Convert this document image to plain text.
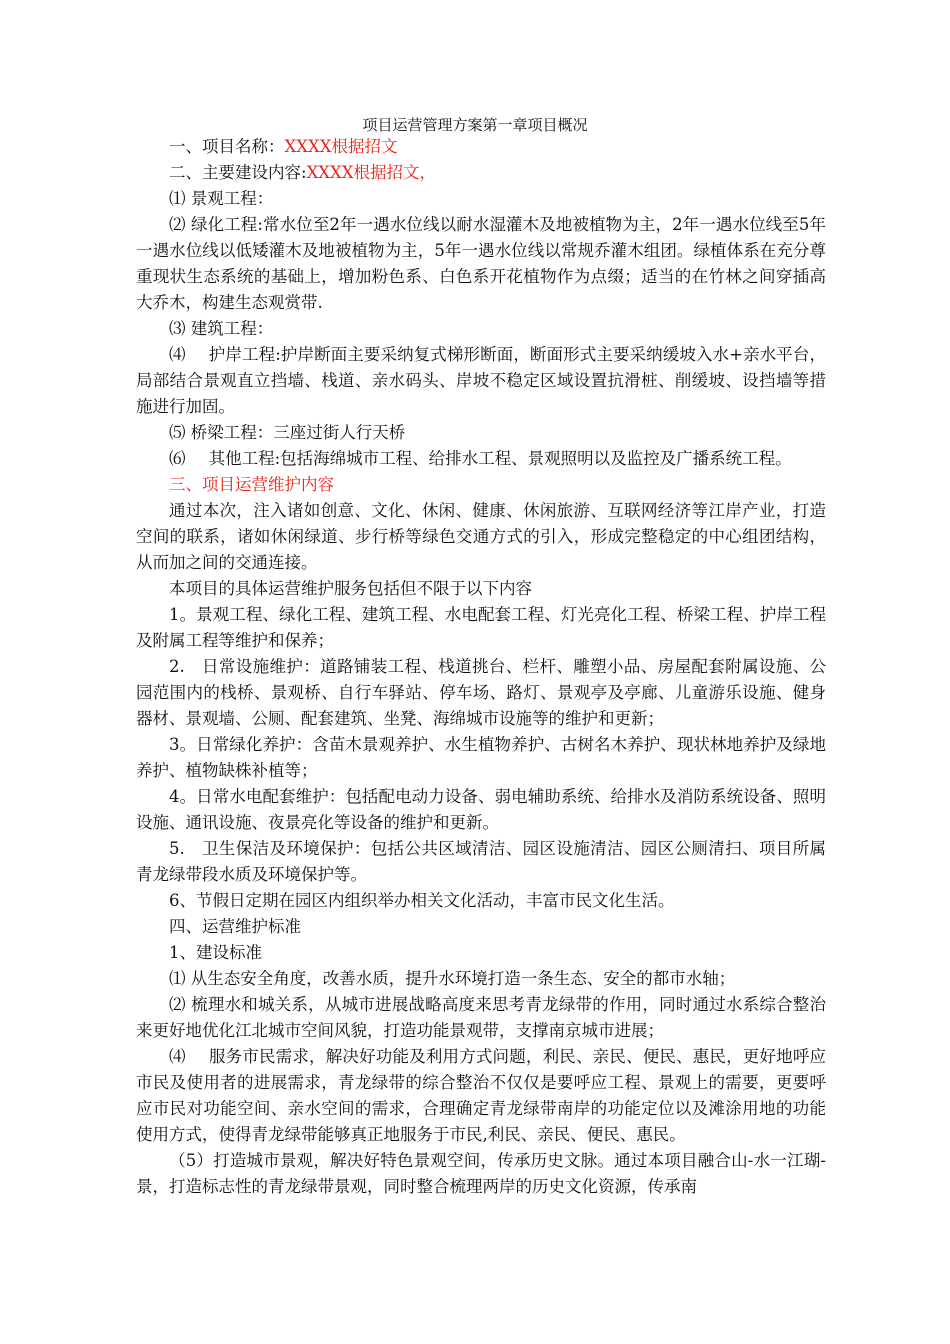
项目运营管理方案第一章项目概况

一、项目名称：XXXX根据招文

二、主要建设内容:XXXX根据招文，

⑴ 景观工程：

⑵ 绿化工程:常水位至2年一遇水位线以耐水湿灌木及地被植物为主，2年一遇水位线至5年一遇水位线以低矮灌木及地被植物为主，5年一遇水位线以常规乔灌木组团。绿植体系在充分尊重现状生态系统的基础上，增加粉色系、白色系开花植物作为点缀；适当的在竹林之间穿插高大乔木，构建生态观赏带.

⑶ 建筑工程：

⑷ 护岸工程:护岸断面主要采纳复式梯形断面，断面形式主要采纳缓坡入水+亲水平台，局部结合景观直立挡墙、栈道、亲水码头、岸坡不稳定区域设置抗滑桩、削缓坡、设挡墙等措施进行加固。

⑸ 桥梁工程：三座过街人行天桥

⑹ 其他工程:包括海绵城市工程、给排水工程、景观照明以及监控及广播系统工程。

三、项目运营维护内容

通过本次，注入诸如创意、文化、休闲、健康、休闲旅游、互联网经济等江岸产业，打造空间的联系，诸如休闲绿道、步行桥等绿色交通方式的引入，形成完整稳定的中心组团结构，从而加之间的交通连接。

本项目的具体运营维护服务包括但不限于以下内容

1。景观工程、绿化工程、建筑工程、水电配套工程、灯光亮化工程、桥梁工程、护岸工程及附属工程等维护和保养；

2.　日常设施维护：道路铺装工程、栈道挑台、栏杆、雕塑小品、房屋配套附属设施、公园范围内的栈桥、景观桥、自行车驿站、停车场、路灯、景观亭及亭廊、儿童游乐设施、健身器材、景观墙、公厕、配套建筑、坐凳、海绵城市设施等的维护和更新；

3。日常绿化养护：含苗木景观养护、水生植物养护、古树名木养护、现状林地养护及绿地养护、植物缺株补植等；

4。日常水电配套维护：包括配电动力设备、弱电辅助系统、给排水及消防系统设备、照明设施、通讯设施、夜景亮化等设备的维护和更新。

5.　卫生保洁及环境保护：包括公共区域清洁、园区设施清洁、园区公厕清扫、项目所属青龙绿带段水质及环境保护等。

6、节假日定期在园区内组织举办相关文化活动，丰富市民文化生活。

四、运营维护标准

1、建设标准

⑴ 从生态安全角度，改善水质，提升水环境打造一条生态、安全的都市水轴；

⑵ 梳理水和城关系，从城市进展战略高度来思考青龙绿带的作用，同时通过水系综合整治来更好地优化江北城市空间风貌，打造功能景观带，支撑南京城市进展；

⑷ 服务市民需求，解决好功能及利用方式问题，利民、亲民、便民、惠民，更好地呼应市民及使用者的进展需求，青龙绿带的综合整治不仅仅是要呼应工程、景观上的需要，更要呼应市民对功能空间、亲水空间的需求，合理确定青龙绿带南岸的功能定位以及滩涂用地的功能使用方式，使得青龙绿带能够真正地服务于市民,利民、亲民、便民、惠民。

（5）打造城市景观，解决好特色景观空间，传承历史文脉。通过本项目融合山-水一江瑚-景，打造标志性的青龙绿带景观，同时整合梳理两岸的历史文化资源，传承南
